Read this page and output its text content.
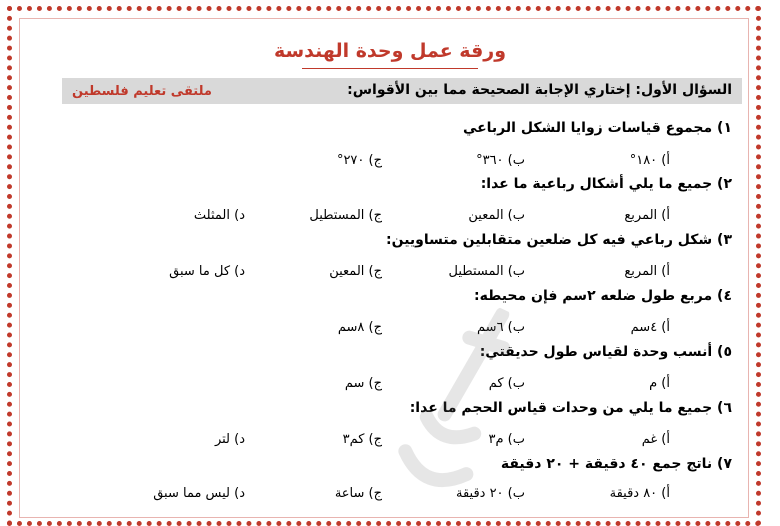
ورقة عمل وحدة الهندسة
السؤال الأول: إختاري الإجابة الصحيحة مما بين الأقواس:
ملتقى تعليم فلسطين
١) مجموع قياسات زوايا الشكل الرباعي
أ) ١٨٠°
ب) ٣٦٠°
ج) ٢٧٠°
٢) جميع ما يلي أشكال رباعية ما عدا:
أ) المربع
ب) المعين
ج) المستطيل
د) المثلث
٣) شكل رباعي فيه كل ضلعين متقابلين متساويين:
أ) المربع
ب) المستطيل
ج) المعين
د) كل ما سبق
٤) مربع طول ضلعه ٢سم فإن محيطه:
أ) ٤سم
ب) ٦سم
ج) ٨سم
٥) أنسب وحدة لقياس طول حديقتي:
أ) م
ب) كم
ج) سم
٦) جميع ما يلي من وحدات قياس الحجم ما عدا:
أ) غم
ب) م٣
ج) كم٣
د) لتر
٧) ناتج جمع ٤٠ دقيقة + ٢٠ دقيقة
أ) ٨٠ دقيقة
ب) ٢٠ دقيقة
ج) ساعة
د) ليس مما سبق
